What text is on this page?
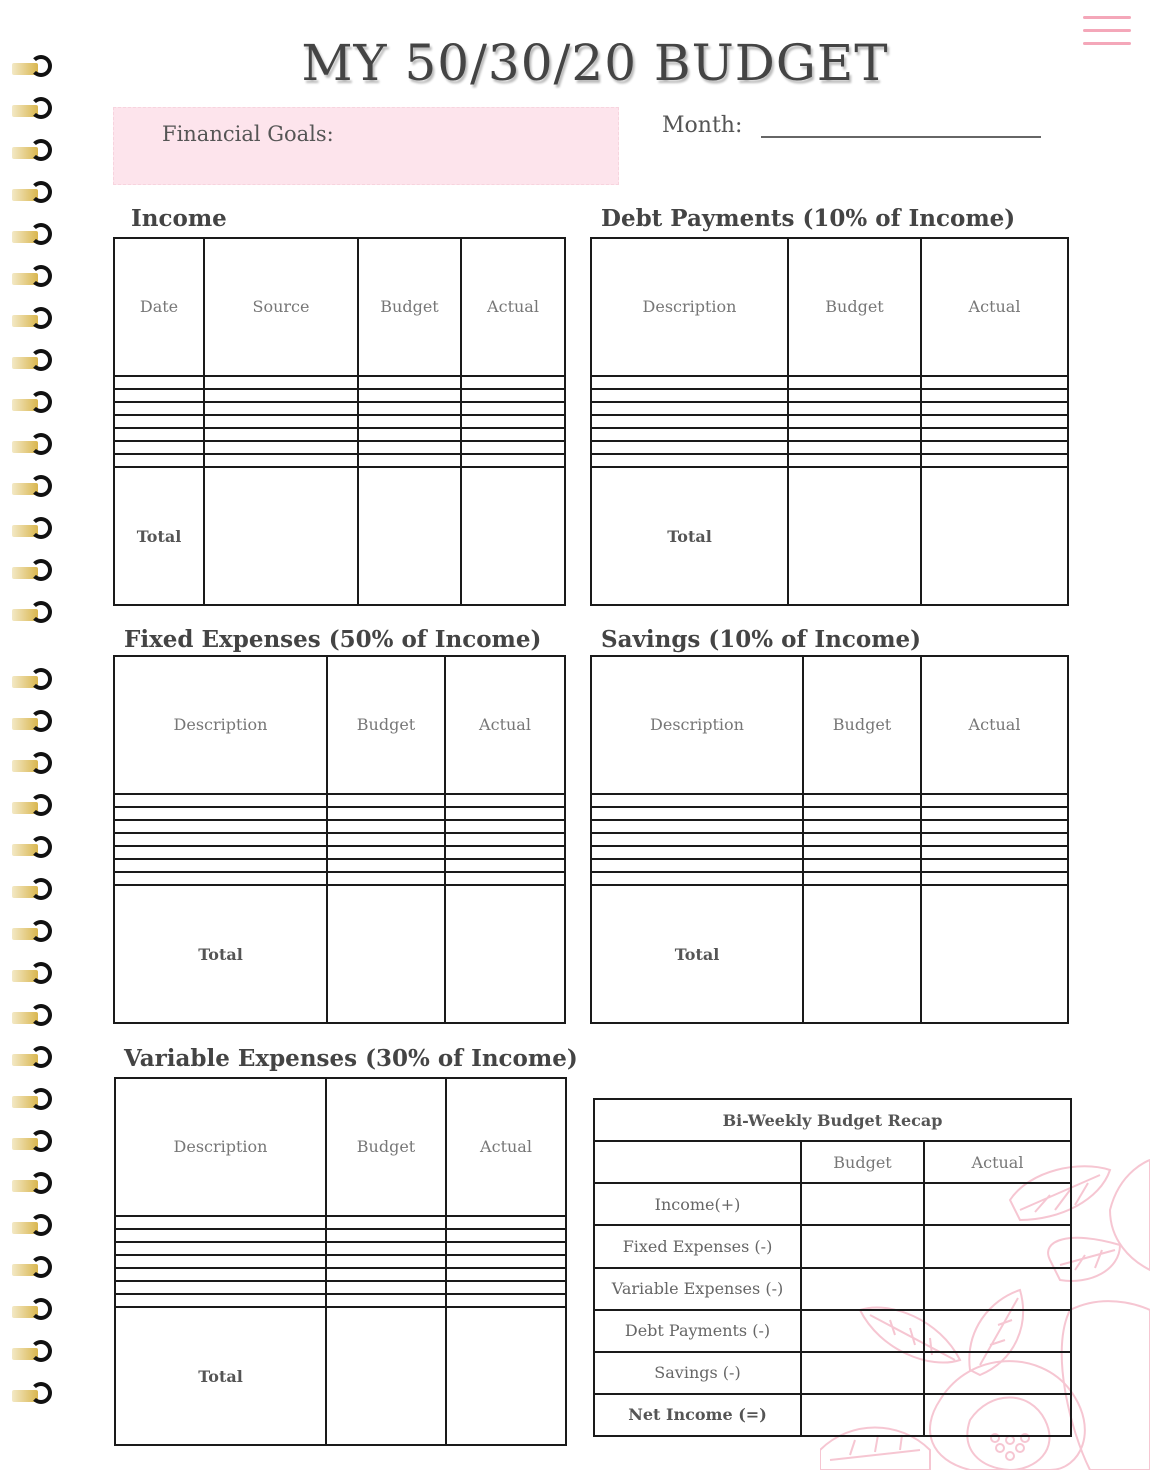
MY 50/30/20 BUDGET
Financial Goals:	Month:
Income
Date	Source	Budget	Actual

Total			
Debt Payments (10% of Income)
Description	Budget	Actual

Total		
Fixed Expenses (50% of Income)
Description	Budget	Actual

Total		
Savings (10% of Income)
Description	Budget	Actual

Total		
Variable Expenses (30% of Income)
Description	Budget	Actual

Total		
Bi-Weekly Budget Recap		
	Budget	Actual
Income(+)		
Fixed Expenses (-)		
Variable Expenses (-)		
Debt Payments (-)		
Savings (-)		
Net Income (=)		
